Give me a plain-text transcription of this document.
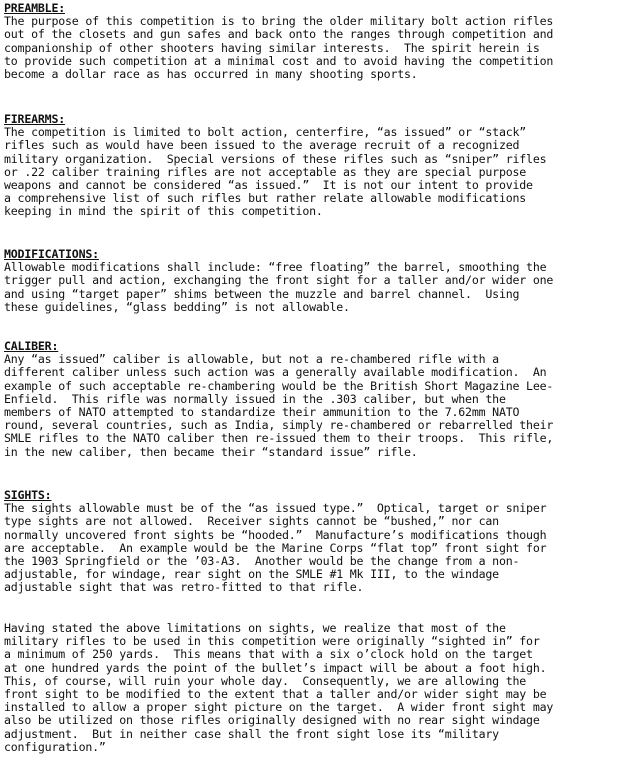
PREAMBLE:
The purpose of this competition is to bring the older military bolt action rifles
out of the closets and gun safes and back onto the ranges through competition and
companionship of other shooters having similar interests.  The spirit herein is
to provide such competition at a minimal cost and to avoid having the competition
become a dollar race as has occurred in many shooting sports.
FIREARMS:
The competition is limited to bolt action, centerfire, “as issued” or “stack”
rifles such as would have been issued to the average recruit of a recognized
military organization.  Special versions of these rifles such as “sniper” rifles
or .22 caliber training rifles are not acceptable as they are special purpose
weapons and cannot be considered “as issued.”  It is not our intent to provide
a comprehensive list of such rifles but rather relate allowable modifications
keeping in mind the spirit of this competition.
MODIFICATIONS:
Allowable modifications shall include: “free floating” the barrel, smoothing the
trigger pull and action, exchanging the front sight for a taller and/or wider one
and using “target paper” shims between the muzzle and barrel channel.  Using
these guidelines, “glass bedding” is not allowable.
CALIBER:
Any “as issued” caliber is allowable, but not a re-chambered rifle with a
different caliber unless such action was a generally available modification.  An
example of such acceptable re-chambering would be the British Short Magazine Lee-
Enfield.  This rifle was normally issued in the .303 caliber, but when the
members of NATO attempted to standardize their ammunition to the 7.62mm NATO
round, several countries, such as India, simply re-chambered or rebarrelled their
SMLE rifles to the NATO caliber then re-issued them to their troops.  This rifle,
in the new caliber, then became their “standard issue” rifle.
SIGHTS:
The sights allowable must be of the “as issued type.”  Optical, target or sniper
type sights are not allowed.  Receiver sights cannot be “bushed,” nor can
normally uncovered front sights be “hooded.”  Manufacture’s modifications though
are acceptable.  An example would be the Marine Corps “flat top” front sight for
the 1903 Springfield or the ’03-A3.  Another would be the change from a non-
adjustable, for windage, rear sight on the SMLE #1 Mk III, to the windage
adjustable sight that was retro-fitted to that rifle.
Having stated the above limitations on sights, we realize that most of the
military rifles to be used in this competition were originally “sighted in” for
a minimum of 250 yards.  This means that with a six o’clock hold on the target
at one hundred yards the point of the bullet’s impact will be about a foot high.
This, of course, will ruin your whole day.  Consequently, we are allowing the
front sight to be modified to the extent that a taller and/or wider sight may be
installed to allow a proper sight picture on the target.  A wider front sight may
also be utilized on those rifles originally designed with no rear sight windage
adjustment.  But in neither case shall the front sight lose its “military
configuration.”
